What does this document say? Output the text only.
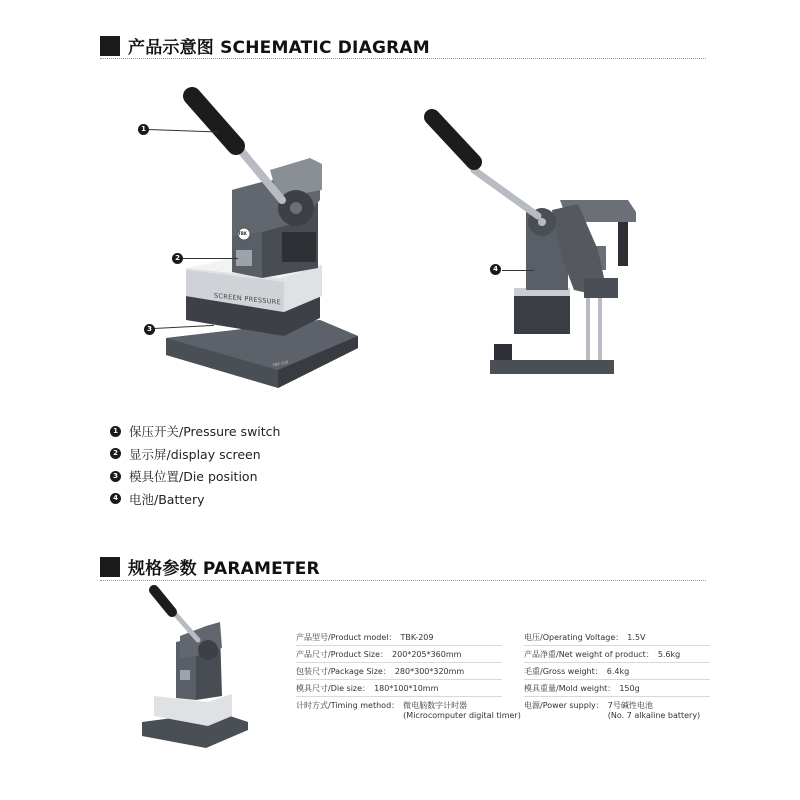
产品示意图 SCHEMATIC DIAGRAM
SCREEN PRESSURE
TBK
1
2
3
4
1 保压开关/Pressure switch
2 显示屏/display screen
3 模具位置/Die position
4 电池/Battery
规格参数 PARAMETER
产品型号/Product model： TBK-209
产品尺寸/Product Size： 200*205*360mm
包装尺寸/Package Size： 280*300*320mm
模具尺寸/Die size： 180*100*10mm
计时方式/Timing method： 微电脑数字计时器
(Microcomputer digital timer)
电压/Operating Voltage： 1.5V
产品净重/Net weight of product： 5.6kg
毛重/Gross weight： 6.4kg
模具重量/Mold weight： 150g
电源/Power supply： 7号碱性电池
(No. 7 alkaline battery)
TBK-209
